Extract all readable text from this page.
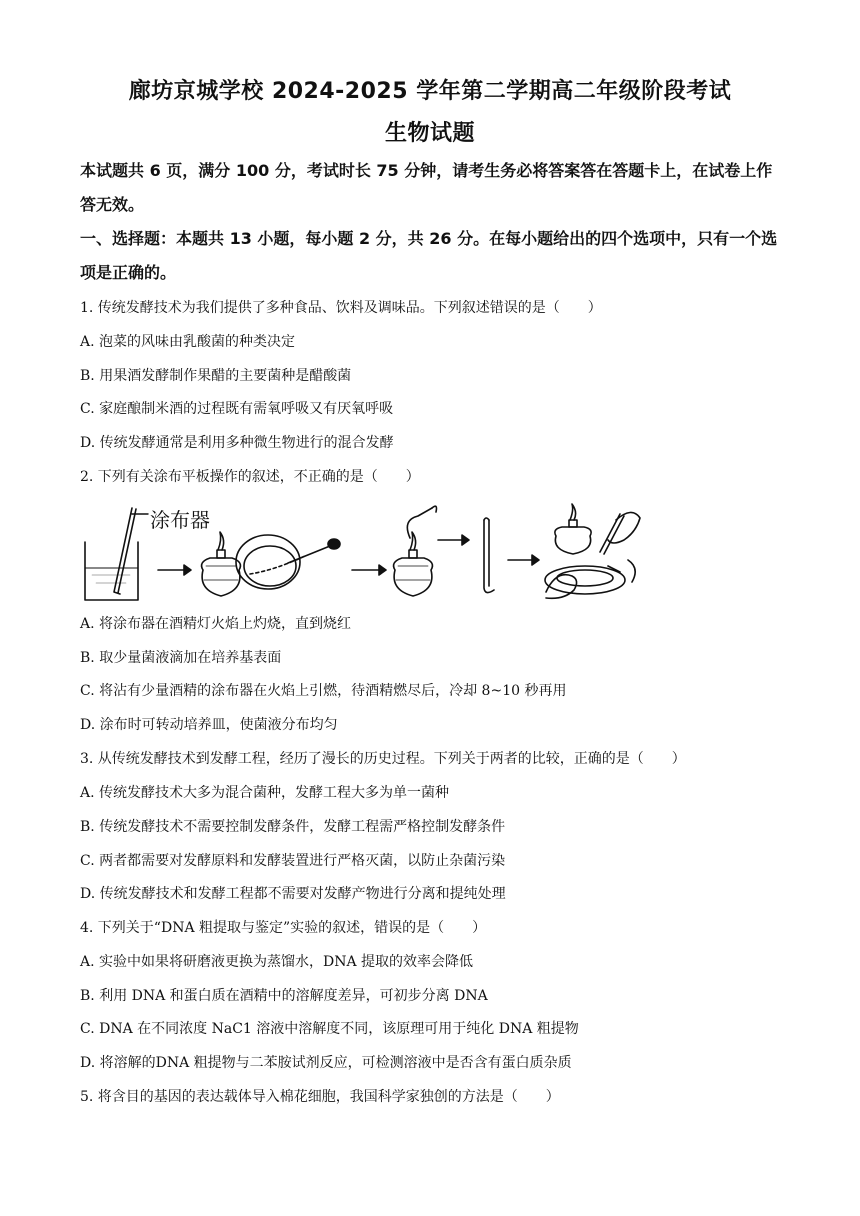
廊坊京城学校 2024-2025 学年第二学期高二年级阶段考试
生物试题
本试题共 6 页，满分 100 分，考试时长 75 分钟，请考生务必将答案答在答题卡上，在试卷上作答无效。
一、选择题：本题共 13 小题，每小题 2 分，共 26 分。在每小题给出的四个选项中，只有一个选项是正确的。
1. 传统发酵技术为我们提供了多种食品、饮料及调味品。下列叙述错误的是（　　）
A. 泡菜的风味由乳酸菌的种类决定
B. 用果酒发酵制作果醋的主要菌种是醋酸菌
C. 家庭酿制米酒的过程既有需氧呼吸又有厌氧呼吸
D. 传统发酵通常是利用多种微生物进行的混合发酵
2. 下列有关涂布平板操作的叙述，不正确的是（　　）
涂布器
A. 将涂布器在酒精灯火焰上灼烧，直到烧红
B. 取少量菌液滴加在培养基表面
C. 将沾有少量酒精的涂布器在火焰上引燃，待酒精燃尽后，冷却 8~10 秒再用
D. 涂布时可转动培养皿，使菌液分布均匀
3. 从传统发酵技术到发酵工程，经历了漫长的历史过程。下列关于两者的比较，正确的是（　　）
A. 传统发酵技术大多为混合菌种，发酵工程大多为单一菌种
B. 传统发酵技术不需要控制发酵条件，发酵工程需严格控制发酵条件
C. 两者都需要对发酵原料和发酵装置进行严格灭菌，以防止杂菌污染
D. 传统发酵技术和发酵工程都不需要对发酵产物进行分离和提纯处理
4. 下列关于“DNA 粗提取与鉴定”实验的叙述，错误的是（　　）
A. 实验中如果将研磨液更换为蒸馏水，DNA 提取的效率会降低
B. 利用 DNA 和蛋白质在酒精中的溶解度差异，可初步分离 DNA
C. DNA 在不同浓度 NaC1 溶液中溶解度不同，该原理可用于纯化 DNA 粗提物
D. 将溶解的DNA 粗提物与二苯胺试剂反应，可检测溶液中是否含有蛋白质杂质
5. 将含目的基因的表达载体导入棉花细胞，我国科学家独创的方法是（　　）
